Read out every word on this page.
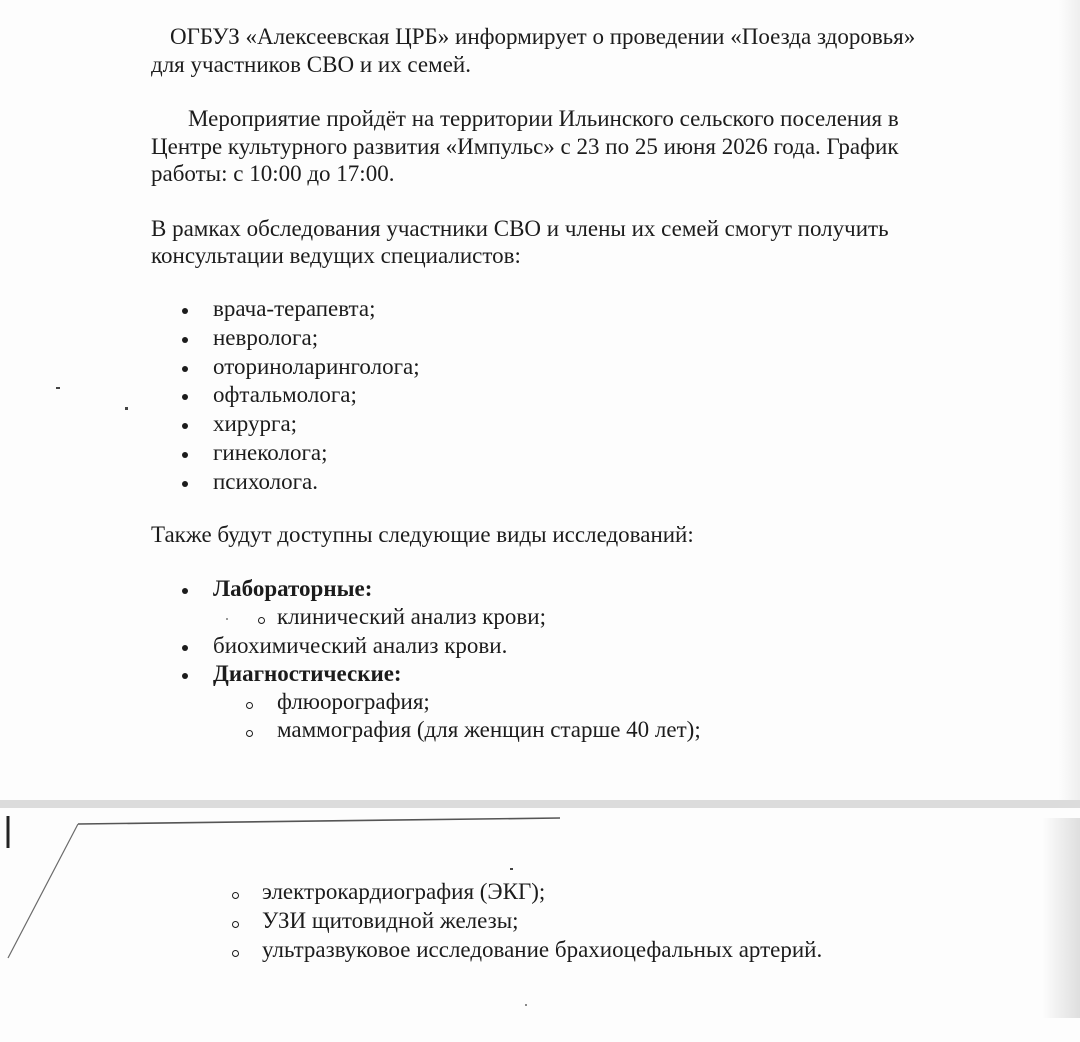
ОГБУЗ «Алексеевская ЦРБ» информирует о проведении «Поезда здоровья»

для участников СВО и их семей.

Мероприятие пройдёт на территории Ильинского сельского поселения в

Центре культурного развития «Импульс» с 23 по 25 июня 2026 года. График

работы: с 10:00 до 17:00.

В рамках обследования участники СВО и члены их семей смогут получить

консультации ведущих специалистов:

врача-терапевта;

невролога;

оториноларинголога;

офтальмолога;

хирурга;

гинеколога;

психолога.

Также будут доступны следующие виды исследований:

Лабораторные:

клинический анализ крови;

биохимический анализ крови.

Диагностические:

флюорография;

маммография (для женщин старше 40 лет);

электрокардиография (ЭКГ);

УЗИ щитовидной железы;

ультразвуковое исследование брахиоцефальных артерий.
